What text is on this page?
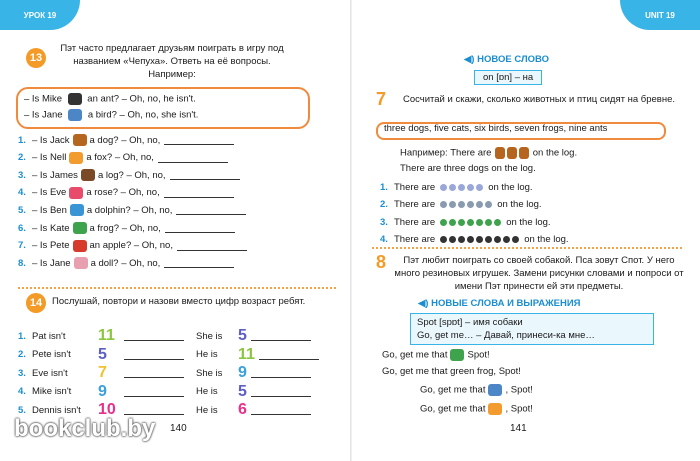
УРОК 19
13
Пэт часто предлагает друзьям поиграть в игру под названием «Чепуха». Ответь на её вопросы. Например:
– Is Mike	an ant? – Oh, no, he isn't.
– Is Jane	a bird? – Oh, no, she isn't.
1. – Is Jack a dog? – Oh, no,
2. – Is Nell a fox? – Oh, no,
3. – Is James a log? – Oh, no,
4. – Is Eve a rose? – Oh, no,
5. – Is Ben a dolphin? – Oh, no,
6. – Is Kate a frog? – Oh, no,
7. – Is Pete an apple? – Oh, no,
8. – Is Jane a doll? – Oh, no,
14	Послушай, повтори и назови вместо цифр возраст ребят.
1. Pat isn't	11	She is 5
2. Pete isn't	5	He is	11
3. Eve isn't	7	She is 9
4. Mike isn't	9	He is	5
5. Dennis isn't	10	He is	6
140
bookclub.by
UNIT 19
◀) НОВОЕ СЛОВО
on [ɒn] – на
7	Сосчитай и скажи, сколько животных и птиц сидят на бревне.
three dogs, five cats, six birds, seven frogs, nine ants
Например: There are	on the log.
There are three dogs on the log.
1. There are	on the log.
2. There are	on the log.
3. There are	on the log.
4. There are	on the log.
8	Пэт любит поиграть со своей собакой. Пса зовут Спот. У него много резиновых игрушек. Замени рисунки словами и попроси от имени Пэт принести ей эти предметы.
◀) НОВЫЕ СЛОВА И ВЫРАЖЕНИЯ
Spot [spɒt] – имя собаки
Go, get me… – Давай, принеси-ка мне…
Go, get me that Spot!
Go, get me that green frog, Spot!
Go, get me that , Spot!
Go, get me that , Spot!
141
